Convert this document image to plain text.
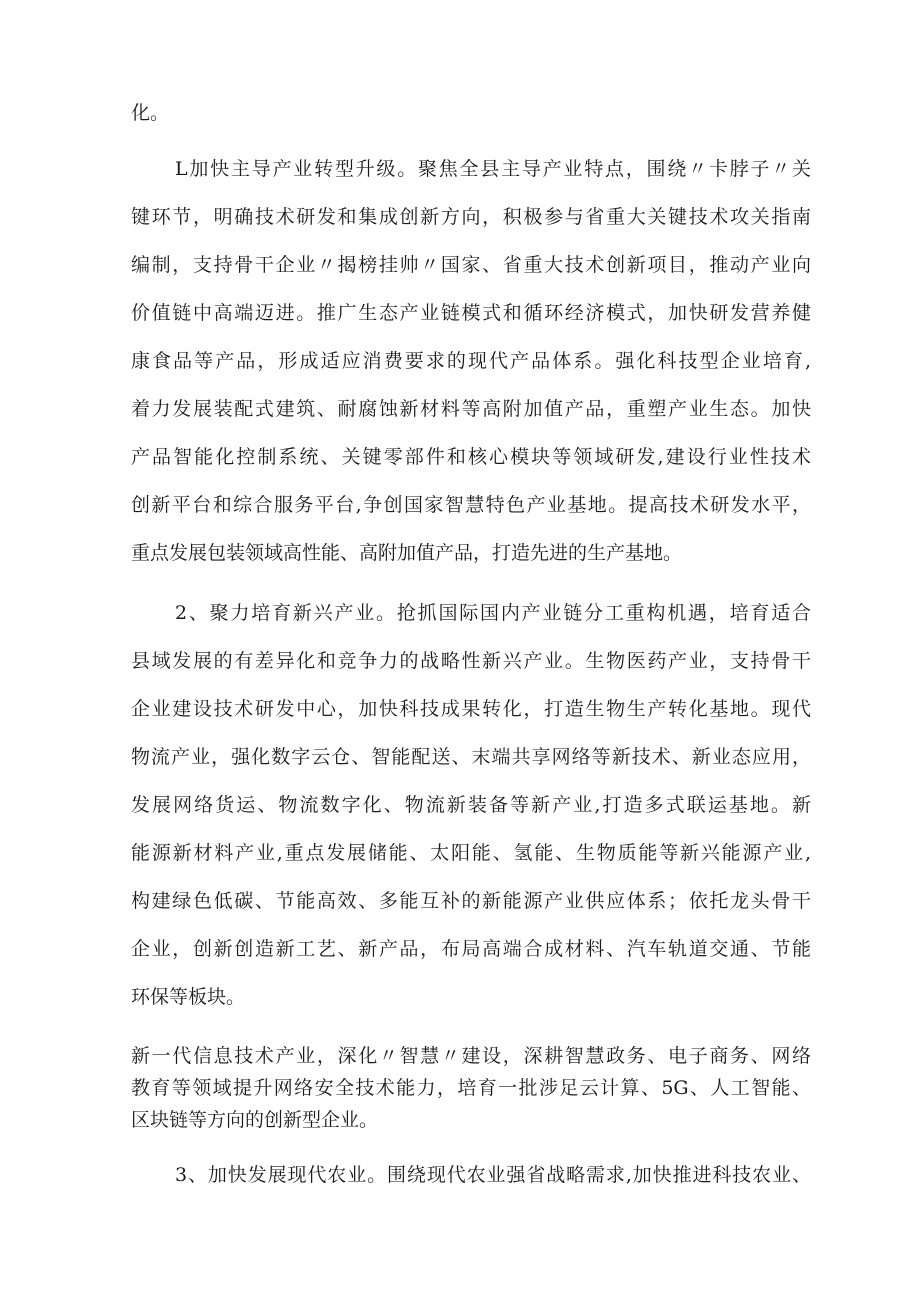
化。
L加快主导产业转型升级。聚焦全县主导产业特点，围绕〃卡脖子〃关
键环节，明确技术研发和集成创新方向，积极参与省重大关键技术攻关指南
编制，支持骨干企业〃揭榜挂帅〃国家、省重大技术创新项目，推动产业向
价值链中高端迈进。推广生态产业链模式和循环经济模式，加快研发营养健
康食品等产品，形成适应消费要求的现代产品体系。强化科技型企业培育,
着力发展装配式建筑、耐腐蚀新材料等高附加值产品，重塑产业生态。加快
产品智能化控制系统、关键零部件和核心模块等领域研发,建设行业性技术
创新平台和综合服务平台,争创国家智慧特色产业基地。提高技术研发水平，
重点发展包装领域高性能、高附加值产品，打造先进的生产基地。
2、聚力培育新兴产业。抢抓国际国内产业链分工重构机遇，培育适合
县域发展的有差异化和竞争力的战略性新兴产业。生物医药产业，支持骨干
企业建设技术研发中心，加快科技成果转化，打造生物生产转化基地。现代
物流产业，强化数字云仓、智能配送、末端共享网络等新技术、新业态应用，
发展网络货运、物流数字化、物流新装备等新产业,打造多式联运基地。新
能源新材料产业,重点发展储能、太阳能、氢能、生物质能等新兴能源产业,
构建绿色低碳、节能高效、多能互补的新能源产业供应体系；依托龙头骨干
企业，创新创造新工艺、新产品，布局高端合成材料、汽车轨道交通、节能
环保等板块。
新一代信息技术产业，深化〃智慧〃建设，深耕智慧政务、电子商务、网络
教育等领域提升网络安全技术能力，培育一批涉足云计算、5G、人工智能、
区块链等方向的创新型企业。
3、加快发展现代农业。围绕现代农业强省战略需求,加快推进科技农业、
